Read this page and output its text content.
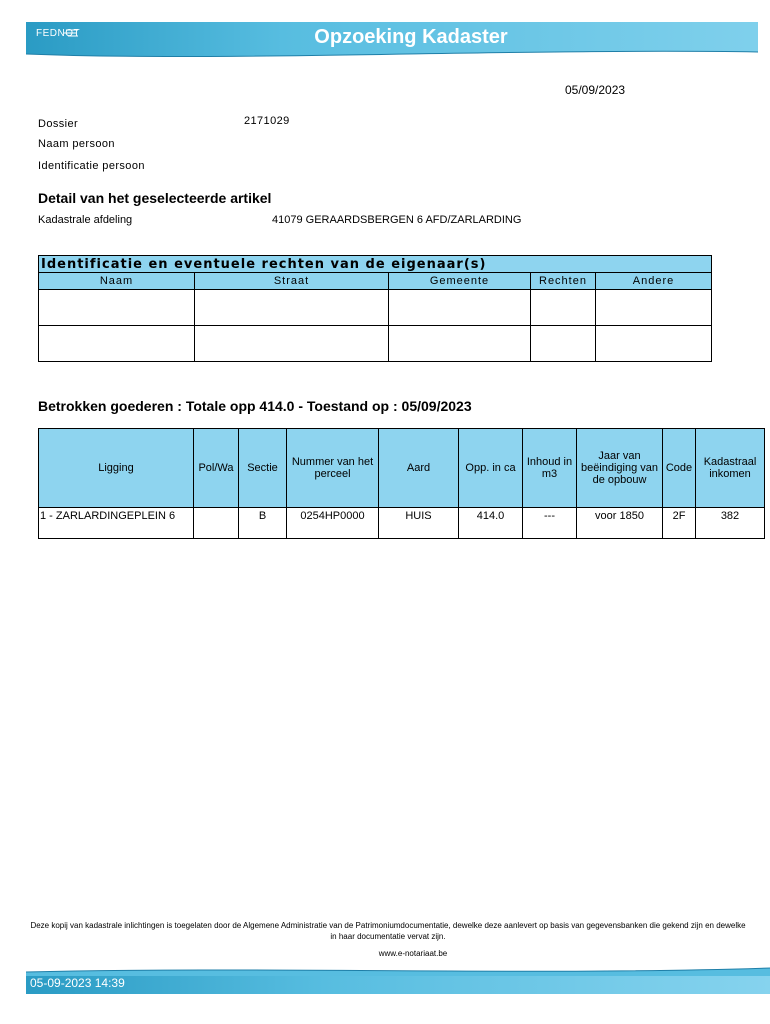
FEDNOT	Opzoeking Kadaster
05/09/2023
Dossier	2171029
Naam persoon
Identificatie persoon
Detail van het geselecteerde artikel
Kadastrale afdeling	41079 GERAARDSBERGEN 6 AFD/ZARLARDING
Identificatie en eventuele rechten van de eigenaar(s)				
Naam	Straat	Gemeente	Rechten	Andere

Betrokken goederen : Totale opp 414.0 - Toestand op : 05/09/2023
Ligging	Pol/Wa	Sectie	Nummer van het perceel	Aard	Opp. in ca	Inhoud in m3	Jaar van beëindiging van de opbouw	Code	Kadastraal inkomen
1 - ZARLARDINGEPLEIN 6		B	0254HP0000	HUIS	414.0	---	voor 1850	2F	382
Deze kopij van kadastrale inlichtingen is toegelaten door de Algemene Administratie van de Patrimoniumdocumentatie, dewelke deze aanlevert op basis van gegevensbanken die gekend zijn en dewelke in haar documentatie vervat zijn.
www.e-notariaat.be
05-09-2023 14:39
